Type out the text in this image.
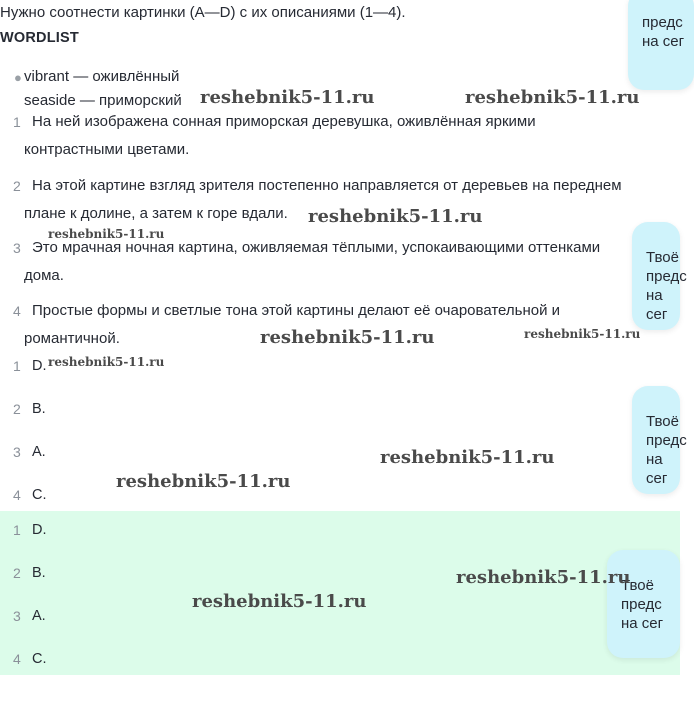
Нужно соотнести картинки (A—D) с их описаниями (1—4).
WORDLIST
● vibrant — оживлённый
seaside — приморский
1 На ней изображена сонная приморская деревушка, оживлённая яркими
контрастными цветами.
2 На этой картине взгляд зрителя постепенно направляется от деревьев на переднем
плане к долине, а затем к горе вдали.
3 Это мрачная ночная картина, оживляемая тёплыми, успокаивающими оттенками
дома.
4 Простые формы и светлые тона этой картины делают её очаровательной и
романтичной.
1 D.
2 B.
3 A.
4 C.
1 D.
2 B.
3 A.
4 C.
предс
на сег
Твоё
предс
на сег
Твоё
предс
на сег
Твоё
предс
на сег
reshebnik5-11.ru	reshebnik5-11.ru
reshebnik5-11.ru
reshebnik5-11.ru
reshebnik5-11.ru	reshebnik5-11.ru
reshebnik5-11.ru
reshebnik5-11.ru
reshebnik5-11.ru
reshebnik5-11.ru
reshebnik5-11.ru
